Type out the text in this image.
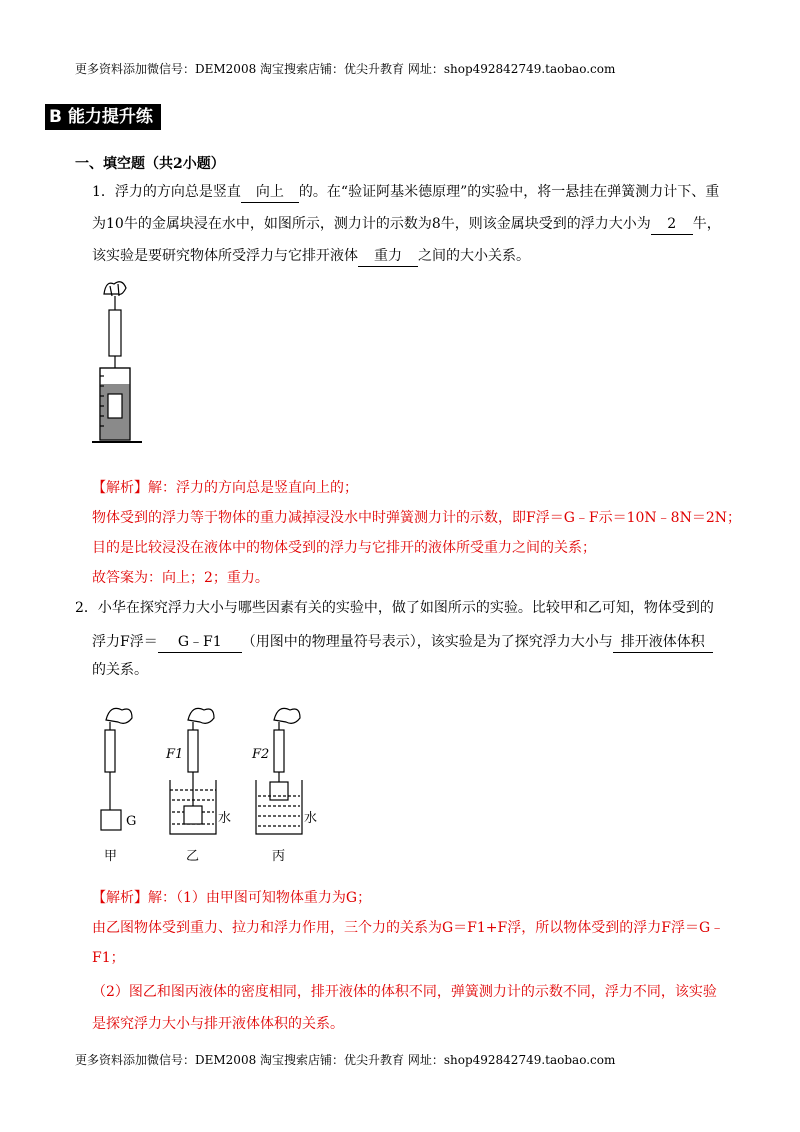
更多资料添加微信号：DEM2008 淘宝搜索店铺：优尖升教育 网址：shop492842749.taobao.com
B 能力提升练
一、填空题（共2小题）
1．浮力的方向总是竖直 向上 的。在“验证阿基米德原理”的实验中，将一悬挂在弹簧测力计下、重
为10牛的金属块浸在水中，如图所示，测力计的示数为8牛，则该金属块受到的浮力大小为 2 牛，
该实验是要研究物体所受浮力与它排开液体 重力 之间的大小关系。
【解析】解：浮力的方向总是竖直向上的；
物体受到的浮力等于物体的重力减掉浸没水中时弹簧测力计的示数，即F浮＝G﹣F示＝10N﹣8N＝2N；
目的是比较浸没在液体中的物体受到的浮力与它排开的液体所受重力之间的关系；
故答案为：向上；2；重力。
2．小华在探究浮力大小与哪些因素有关的实验中，做了如图所示的实验。比较甲和乙可知，物体受到的
浮力F浮＝ G﹣F1 （用图中的物理量符号表示），该实验是为了探究浮力大小与 排开液体体积
的关系。
G
F1	F2
水	水
甲	乙	丙
【解析】解：（1）由甲图可知物体重力为G；
由乙图物体受到重力、拉力和浮力作用，三个力的关系为G＝F1+F浮，所以物体受到的浮力F浮＝G﹣
F1；
（2）图乙和图丙液体的密度相同，排开液体的体积不同，弹簧测力计的示数不同，浮力不同，该实验
是探究浮力大小与排开液体体积的关系。
更多资料添加微信号：DEM2008 淘宝搜索店铺：优尖升教育 网址：shop492842749.taobao.com
